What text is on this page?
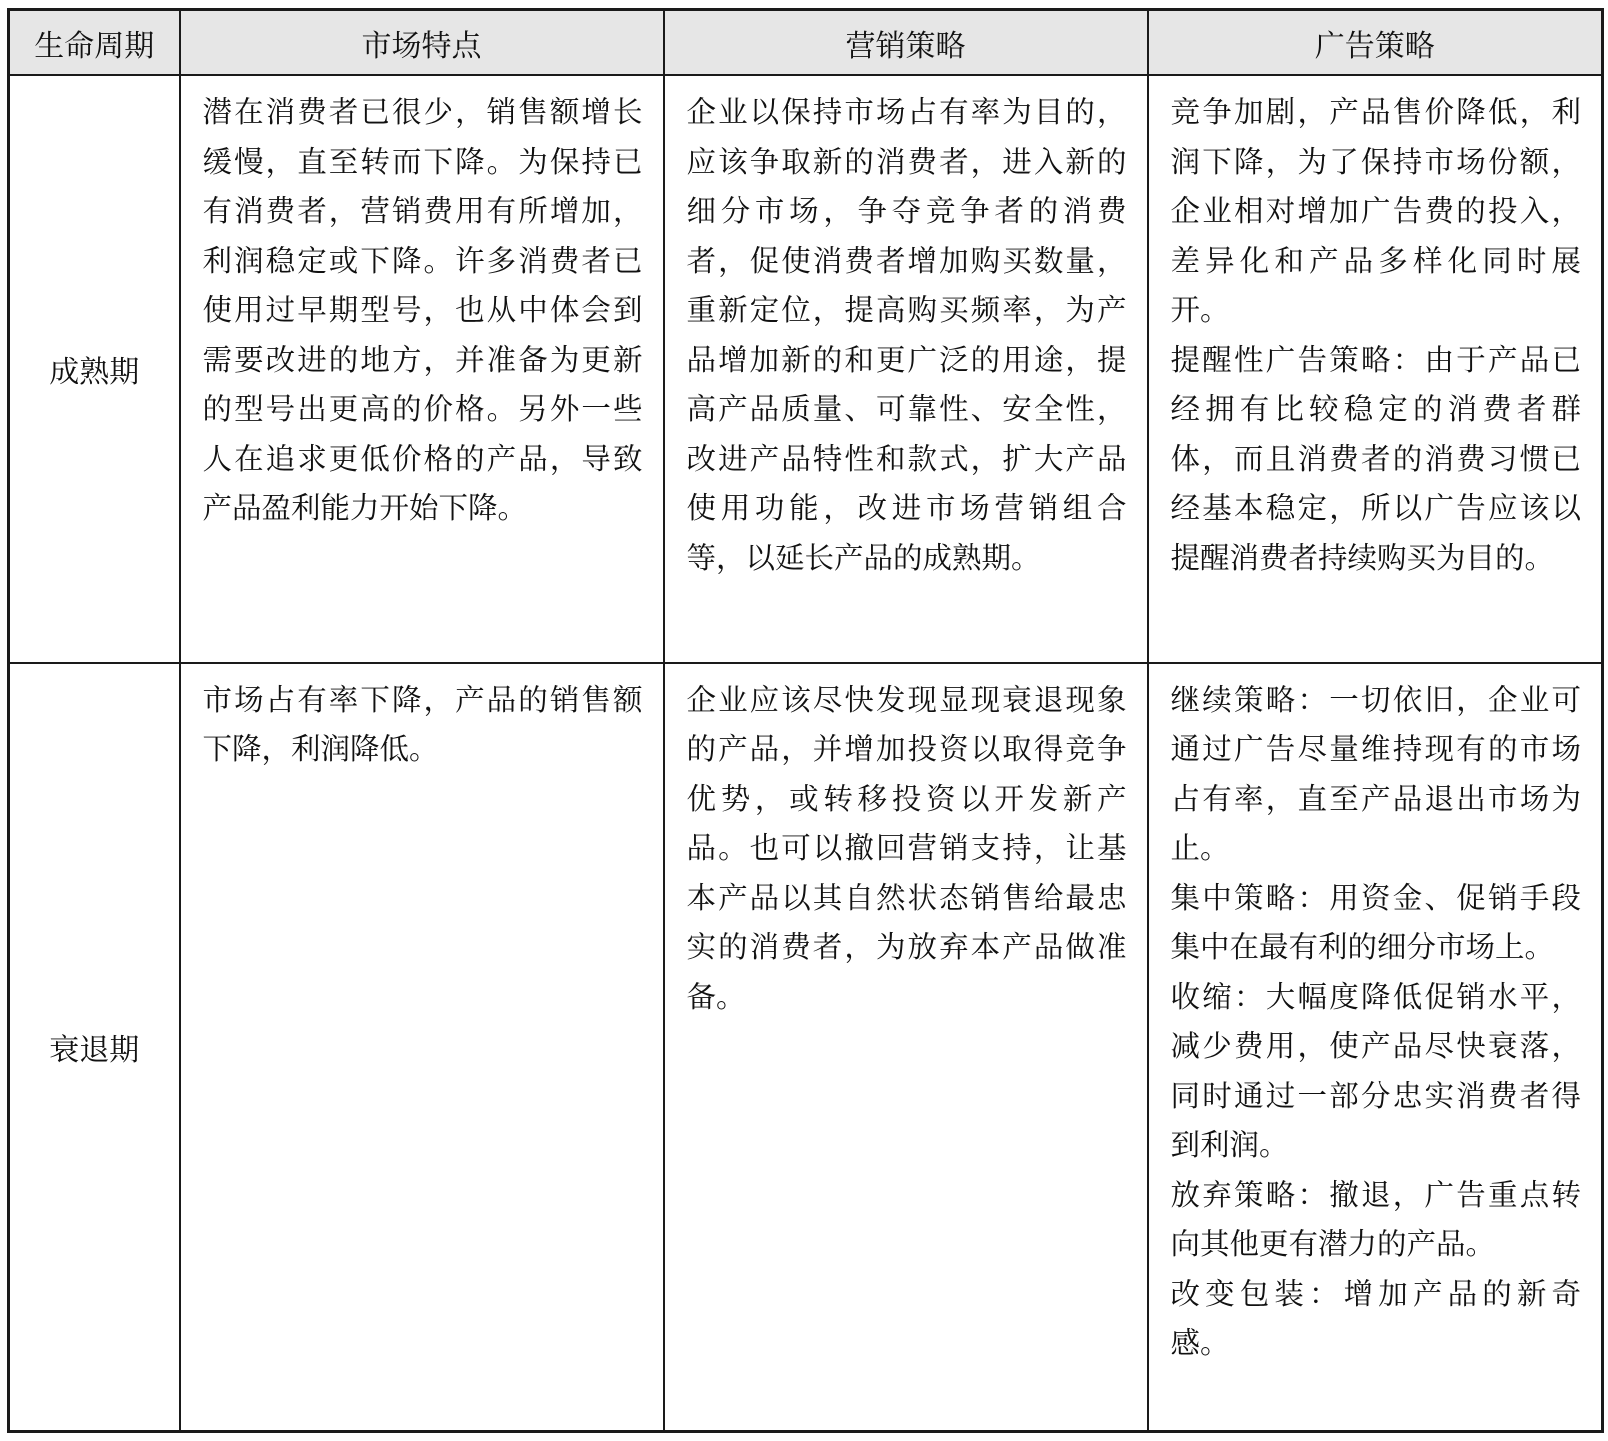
生命周期	市场特点	营销策略	广告策略
成熟期	潜在消费者已很少，销售额增长缓慢，直至转而下降。为保持已有消费者，营销费用有所增加，利润稳定或下降。许多消费者已使用过早期型号，也从中体会到需要改进的地方，并准备为更新的型号出更高的价格。另外一些人在追求更低价格的产品，导致产品盈利能力开始下降。	企业以保持市场占有率为目的，应该争取新的消费者，进入新的细分市场，争夺竞争者的消费者，促使消费者增加购买数量，重新定位，提高购买频率，为产品增加新的和更广泛的用途，提高产品质量、可靠性、安全性，改进产品特性和款式，扩大产品使用功能，改进市场营销组合等，以延长产品的成熟期。	竞争加剧，产品售价降低，利润下降，为了保持市场份额，企业相对增加广告费的投入，差异化和产品多样化同时展开。

提醒性广告策略：由于产品已经拥有比较稳定的消费者群体，而且消费者的消费习惯已经基本稳定，所以广告应该以提醒消费者持续购买为目的。

衰退期	市场占有率下降，产品的销售额下降，利润降低。	企业应该尽快发现显现衰退现象的产品，并增加投资以取得竞争优势，或转移投资以开发新产品。也可以撤回营销支持，让基本产品以其自然状态销售给最忠实的消费者，为放弃本产品做准备。	继续策略：一切依旧，企业可通过广告尽量维持现有的市场占有率，直至产品退出市场为止。

集中策略：用资金、促销手段集中在最有利的细分市场上。

收缩：大幅度降低促销水平，减少费用，使产品尽快衰落，同时通过一部分忠实消费者得到利润。

放弃策略：撤退，广告重点转向其他更有潜力的产品。

改变包装：增加产品的新奇感。
